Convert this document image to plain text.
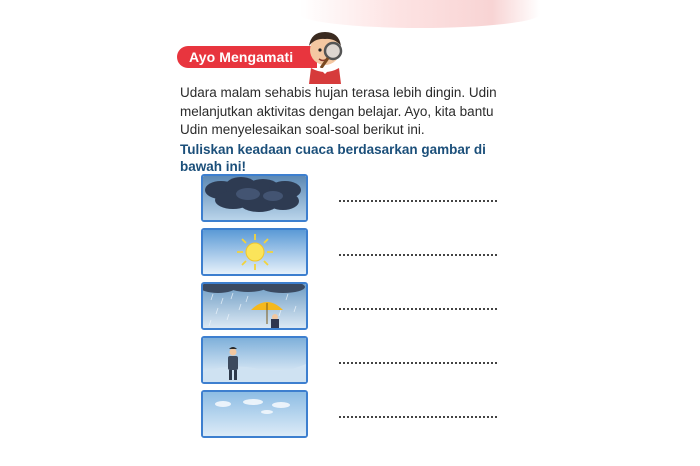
Ayo Mengamati
Udara malam sehabis hujan terasa lebih dingin. Udin melanjutkan aktivitas dengan belajar. Ayo, kita bantu Udin menyelesaikan soal-soal berikut ini.
Tuliskan keadaan cuaca berdasarkan gambar di bawah ini!
